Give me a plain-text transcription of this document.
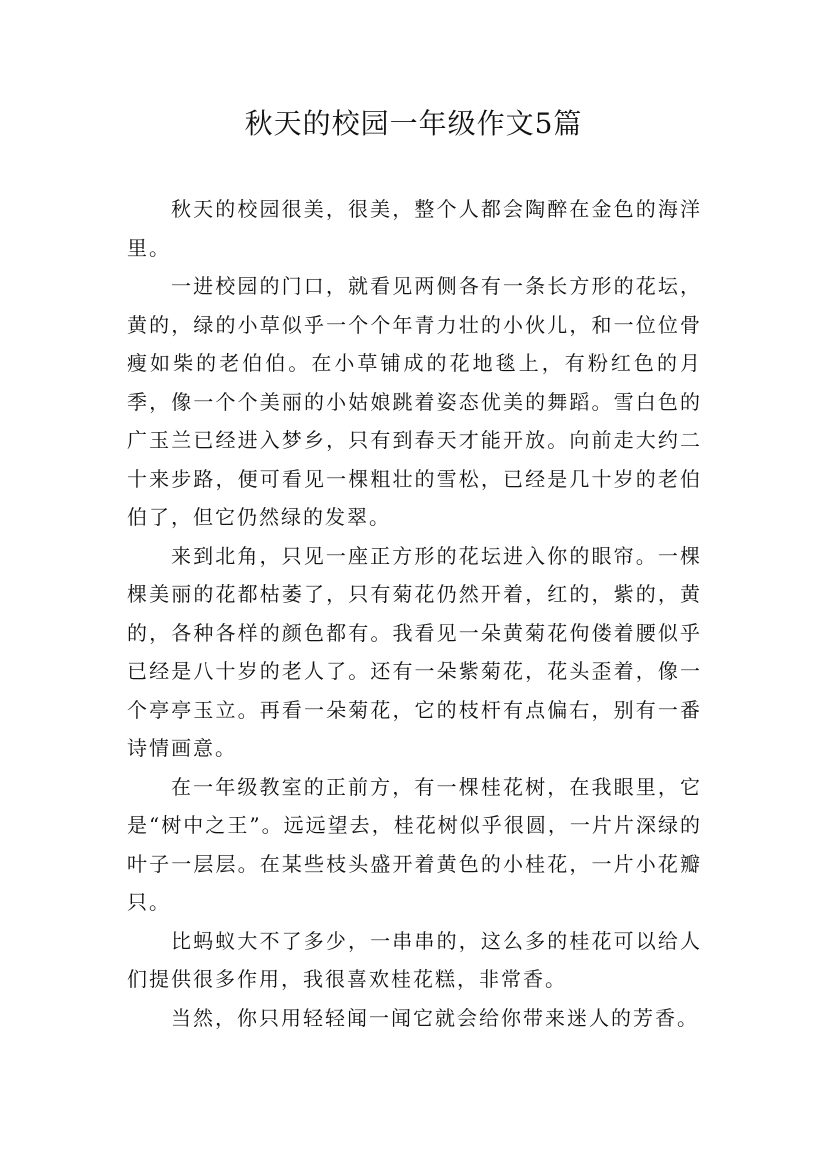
秋天的校园一年级作文5篇

秋天的校园很美，很美，整个人都会陶醉在金色的海洋里。

一进校园的门口，就看见两侧各有一条长方形的花坛，黄的，绿的小草似乎一个个年青力壮的小伙儿，和一位位骨瘦如柴的老伯伯。在小草铺成的花地毯上，有粉红色的月季，像一个个美丽的小姑娘跳着姿态优美的舞蹈。雪白色的广玉兰已经进入梦乡，只有到春天才能开放。向前走大约二十来步路，便可看见一棵粗壮的雪松，已经是几十岁的老伯伯了，但它仍然绿的发翠。

来到北角，只见一座正方形的花坛进入你的眼帘。一棵棵美丽的花都枯萎了，只有菊花仍然开着，红的，紫的，黄的，各种各样的颜色都有。我看见一朵黄菊花佝偻着腰似乎已经是八十岁的老人了。还有一朵紫菊花，花头歪着，像一个亭亭玉立。再看一朵菊花，它的枝杆有点偏右，别有一番诗情画意。

在一年级教室的正前方，有一棵桂花树，在我眼里，它是“树中之王”。远远望去，桂花树似乎很圆，一片片深绿的叶子一层层。在某些枝头盛开着黄色的小桂花，一片小花瓣只。

比蚂蚁大不了多少，一串串的，这么多的桂花可以给人们提供很多作用，我很喜欢桂花糕，非常香。

当然，你只用轻轻闻一闻它就会给你带来迷人的芳香。
